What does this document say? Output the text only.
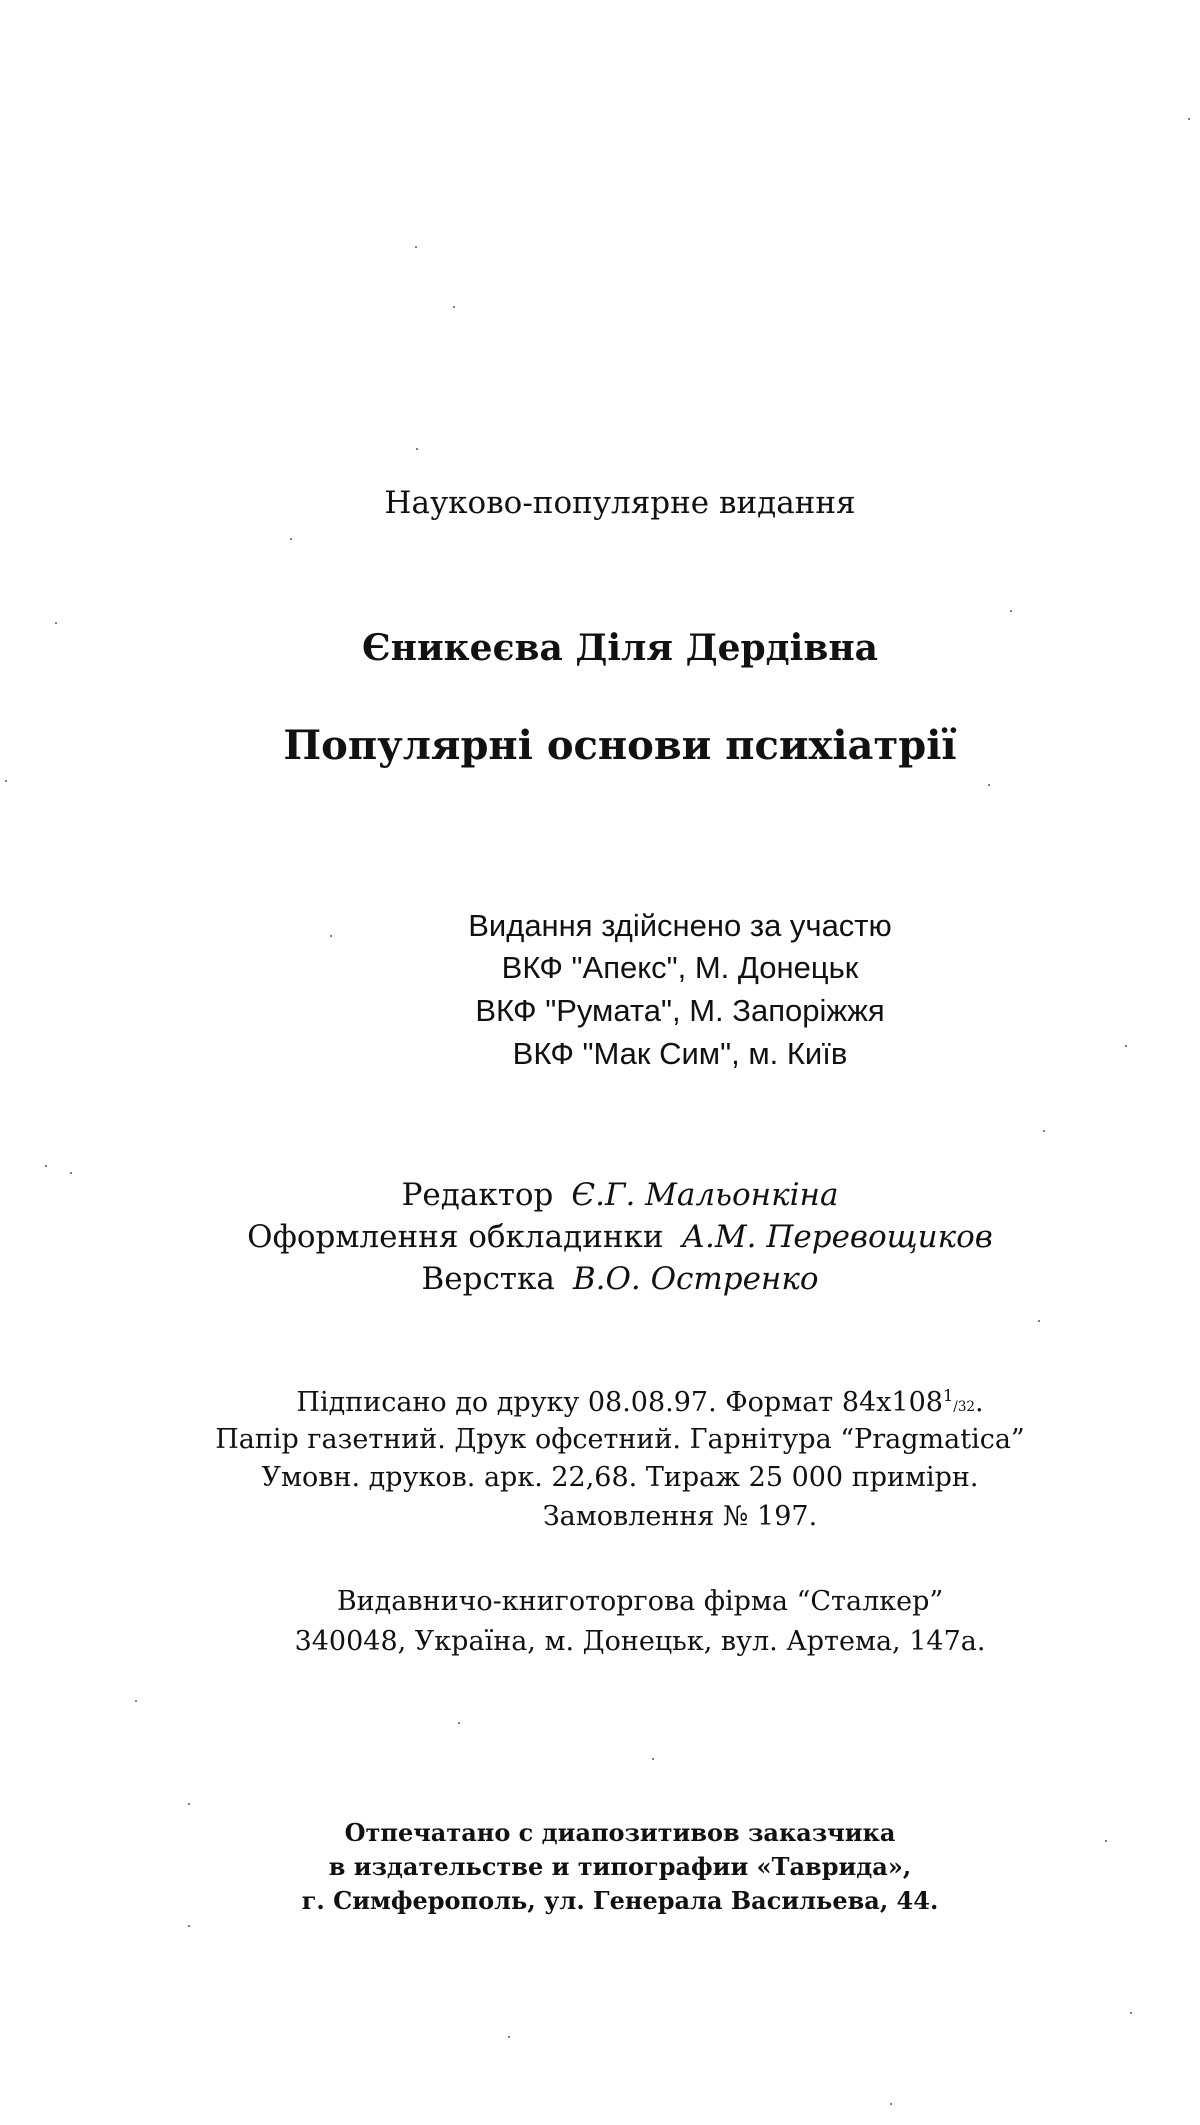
Науково-популярне видання
Єникеєва Діля Дердівна
Популярні основи психіатрії
Видання здійснено за участю
ВКФ "Апекс", М. Донецьк
ВКФ "Румата", М. Запоріжжя
ВКФ "Мак Сим", м. Київ
Редактор Є.Г. Мальонкіна
Оформлення обкладинки А.М. Перевощиков
Верстка В.О. Остренко
Підписано до друку 08.08.97. Формат $84x108^1/32$.
Папір газетний. Друк офсетний. Гарнітура “Pragmatica”
Умовн. друков. арк. 22,68. Тираж 25 000 примірн.
Замовлення № 197.
Видавничо-книготоргова фірма “Сталкер”
340048, Україна, м. Донецьк, вул. Артема, 147а.
Отпечатано с диапозитивов заказчика
в издательстве и типографии «Таврида»,
г. Симферополь, ул. Генерала Васильева, 44.
